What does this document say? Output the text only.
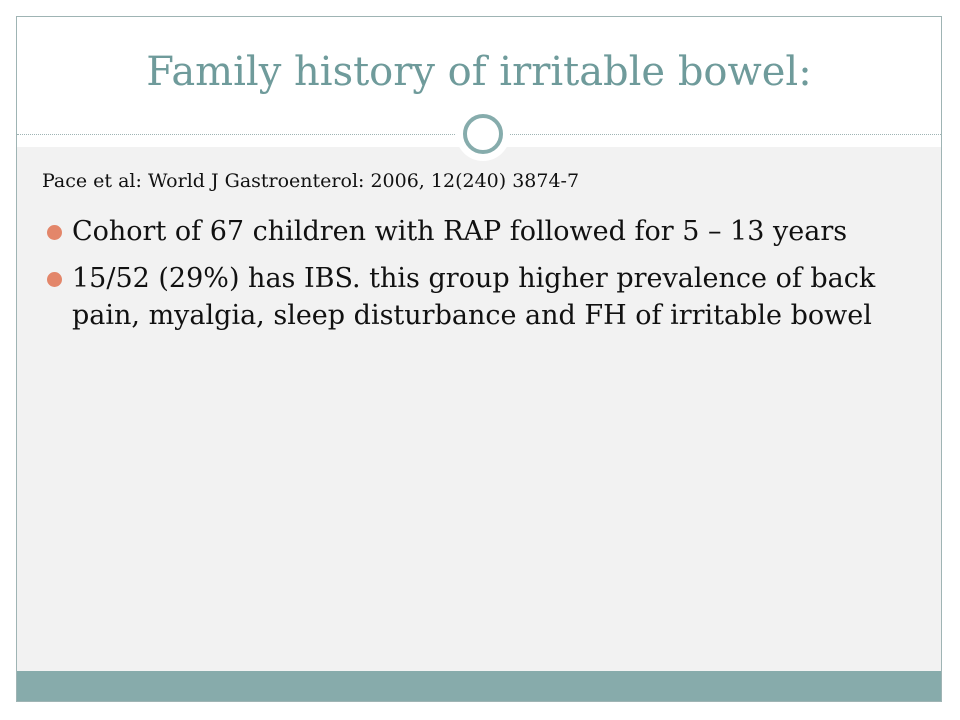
Family history of irritable bowel:
Pace et al: World J Gastroenterol: 2006, 12(240) 3874-7
Cohort of 67 children with RAP followed for 5 – 13 years
15/52 (29%) has IBS. this group higher prevalence of back pain, myalgia, sleep disturbance and FH of irritable bowel
